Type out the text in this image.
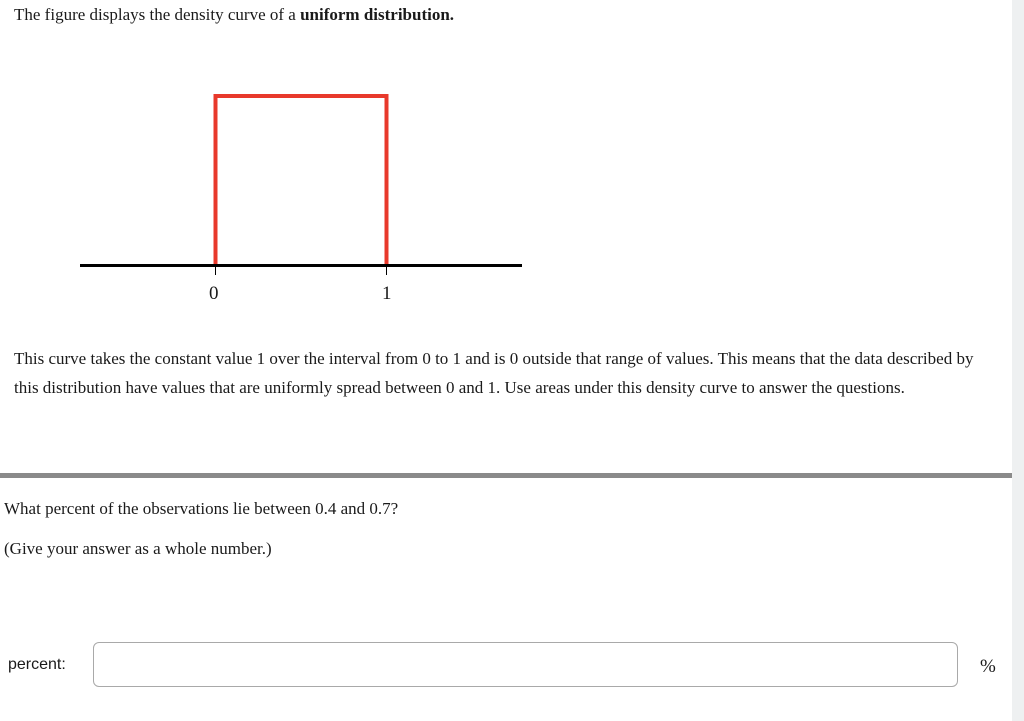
The figure displays the density curve of a uniform distribution.
0	1
This curve takes the constant value 1 over the interval from 0 to 1 and is 0 outside that range of values. This means that the data described by this distribution have values that are uniformly spread between 0 and 1. Use areas under this density curve to answer the questions.
What percent of the observations lie between 0.4 and 0.7?
(Give your answer as a whole number.)
percent:	%
